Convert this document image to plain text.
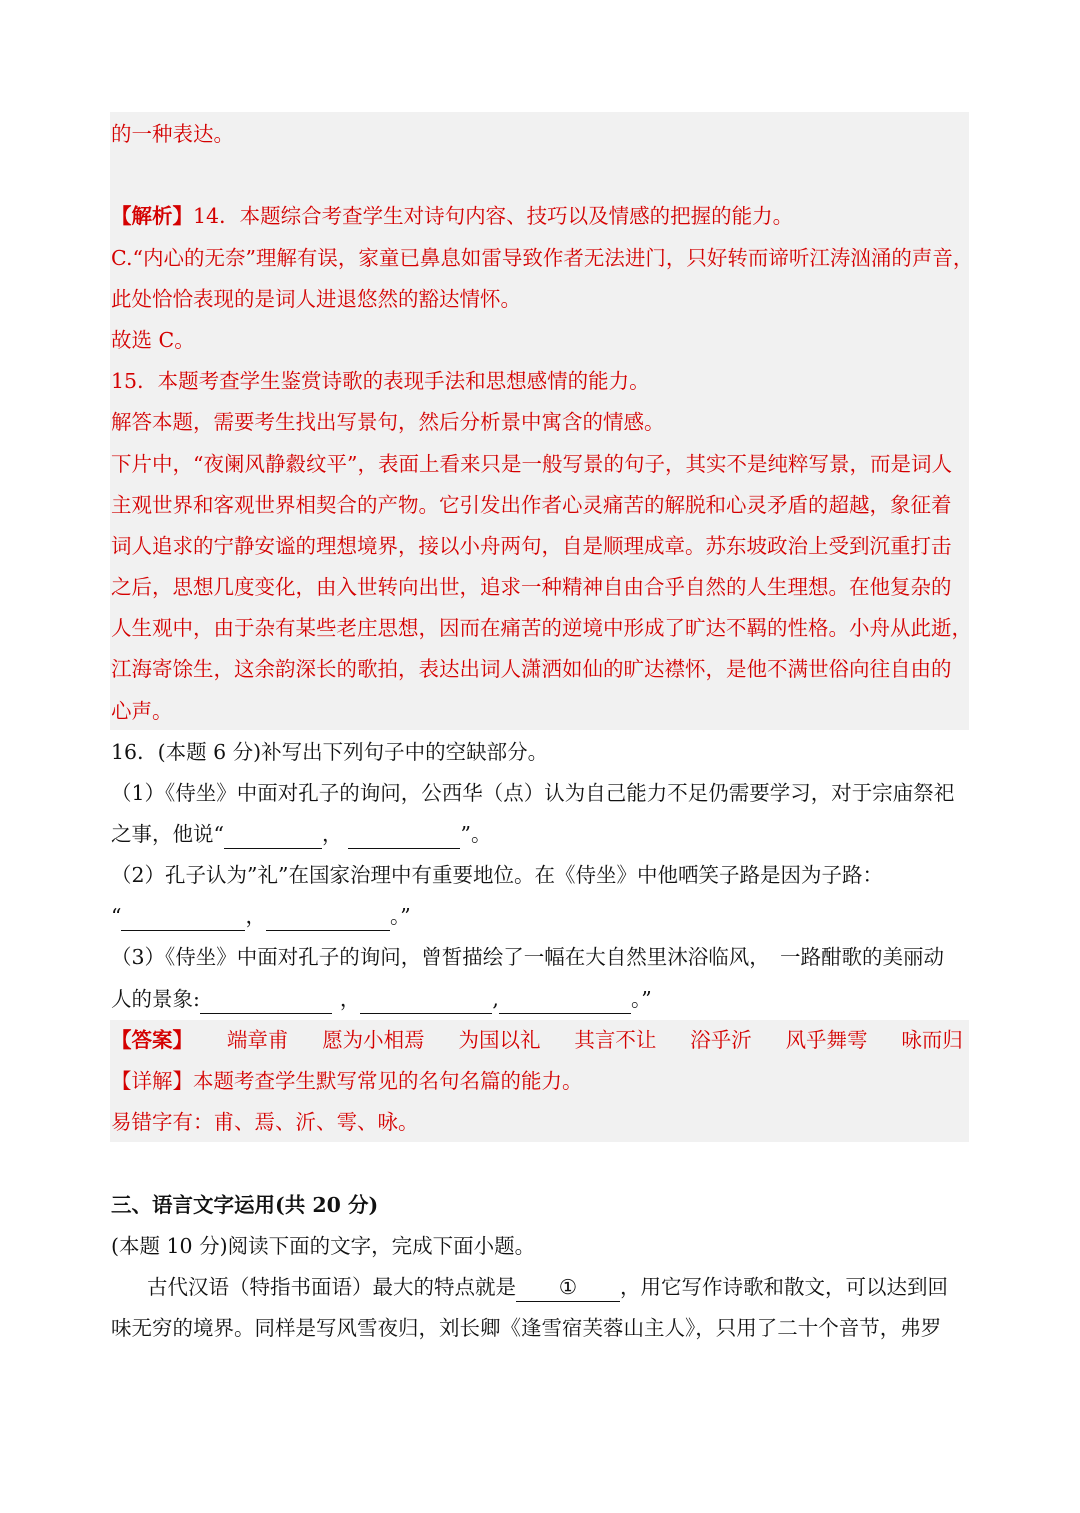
的一种表达。
【解析】14．本题综合考查学生对诗句内容、技巧以及情感的把握的能力。
C.“内心的无奈”理解有误，家童已鼻息如雷导致作者无法进门，只好转而谛听江涛汹涌的声音，
此处恰恰表现的是词人进退悠然的豁达情怀。
故选 C。
15．本题考查学生鉴赏诗歌的表现手法和思想感情的能力。
解答本题，需要考生找出写景句，然后分析景中寓含的情感。
下片中，“夜阑风静縠纹平”，表面上看来只是一般写景的句子，其实不是纯粹写景，而是词人
主观世界和客观世界相契合的产物。它引发出作者心灵痛苦的解脱和心灵矛盾的超越，象征着
词人追求的宁静安谧的理想境界，接以小舟两句，自是顺理成章。苏东坡政治上受到沉重打击
之后，思想几度变化，由入世转向出世，追求一种精神自由合乎自然的人生理想。在他复杂的
人生观中，由于杂有某些老庄思想，因而在痛苦的逆境中形成了旷达不羁的性格。小舟从此逝，
江海寄馀生，这余韵深长的歌拍，表达出词人潇洒如仙的旷达襟怀，是他不满世俗向往自由的
心声。
16．(本题 6 分)补写出下列句子中的空缺部分。
（1）《侍坐》中面对孔子的询问，公西华（点）认为自己能力不足仍需要学习，对于宗庙祭祀
之事，他说“	，	”。
（2）孔子认为”礼”在国家治理中有重要地位。在《侍坐》中他哂笑子路是因为子路：
“	，	。”
（3）《侍坐》中面对孔子的询问，曾皙描绘了一幅在大自然里沐浴临风，　一路酣歌的美丽动
人的景象:	，	,	。”
【答案】 端章甫 愿为小相焉 为国以礼 其言不让 浴乎沂 风乎舞雩 咏而归
【详解】本题考查学生默写常见的名句名篇的能力。
易错字有：甫、焉、沂、雩、咏。
三、语言文字运用(共 20 分)
(本题 10 分)阅读下面的文字，完成下面小题。
古代汉语（特指书面语）最大的特点就是 ① ，用它写作诗歌和散文，可以达到回
味无穷的境界。同样是写风雪夜归，刘长卿《逢雪宿芙蓉山主人》，只用了二十个音节，弗罗
